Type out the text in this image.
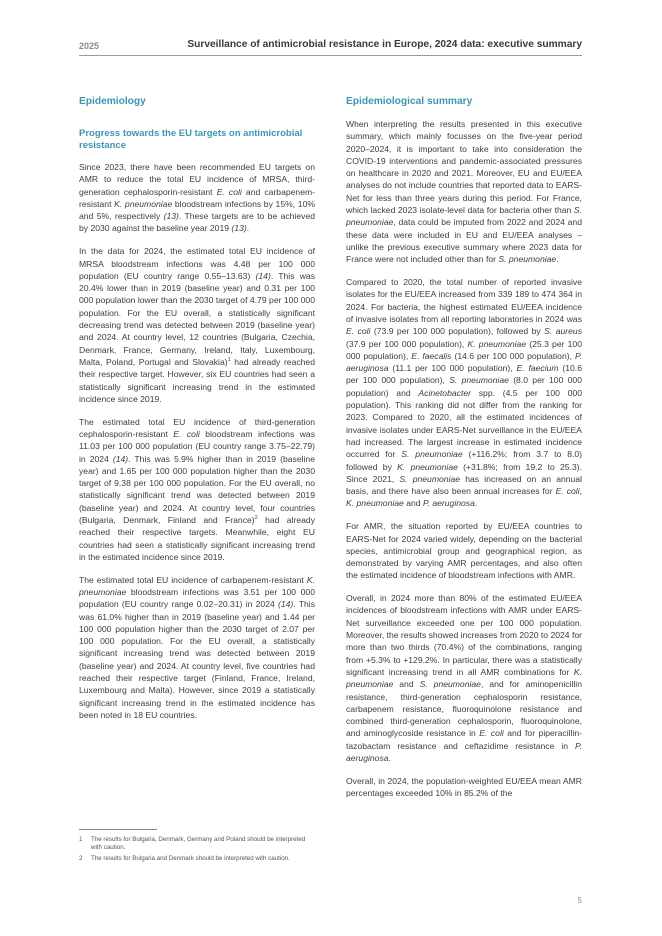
2025	Surveillance of antimicrobial resistance in Europe, 2024 data: executive summary
Epidemiology
Progress towards the EU targets on antimicrobial resistance

Since 2023, there have been recommended EU targets on AMR to reduce the total EU incidence of MRSA, third-generation cephalosporin-resistant E. coli and carbapenem-resistant K. pneumoniae bloodstream infections by 15%, 10% and 5%, respectively (13). These targets are to be achieved by 2030 against the baseline year 2019 (13).

In the data for 2024, the estimated total EU incidence of MRSA bloodstream infections was 4.48 per 100 000 population (EU country range 0.55–13.63) (14). This was 20.4% lower than in 2019 (baseline year) and 0.31 per 100 000 population lower than the 2030 target of 4.79 per 100 000 population. For the EU overall, a statistically significant decreasing trend was detected between 2019 (baseline year) and 2024. At country level, 12 countries (Bulgaria, Czechia, Denmark, France, Germany, Ireland, Italy, Luxembourg, Malta, Poland, Portugal and Slovakia)$^1$ had already reached their respective target. However, six EU countries had seen a statistically significant increasing trend in the estimated incidence since 2019.

The estimated total EU incidence of third-generation cephalosporin-resistant E. coli bloodstream infections was 11.03 per 100 000 population (EU country range 3.75–22.79) in 2024 (14). This was 5.9% higher than in 2019 (baseline year) and 1.65 per 100 000 population higher than the 2030 target of 9.38 per 100 000 population. For the EU overall, no statistically significant trend was detected between 2019 (baseline year) and 2024. At country level, four countries (Bulgaria, Denmark, Finland and France)$^2$ had already reached their respective targets. Meanwhile, eight EU countries had seen a statistically significant increasing trend in the estimated incidence since 2019.

The estimated total EU incidence of carbapenem-resistant K. pneumoniae bloodstream infections was 3.51 per 100 000 population (EU country range 0.02–20.31) in 2024 (14). This was 61.0% higher than in 2019 (baseline year) and 1.44 per 100 000 population higher than the 2030 target of 2.07 per 100 000 population. For the EU overall, a statistically significant increasing trend was detected between 2019 (baseline year) and 2024. At country level, five countries had reached their respective target (Finland, France, Ireland, Luxembourg and Malta). However, since 2019 a statistically significant increasing trend in the estimated incidence has been noted in 18 EU countries.

Epidemiological summary

When interpreting the results presented in this executive summary, which mainly focusses on the five-year period 2020–2024, it is important to take into consideration the COVID-19 interventions and pandemic-associated pressures on healthcare in 2020 and 2021. Moreover, EU and EU/EEA analyses do not include countries that reported data to EARS-Net for less than three years during this period. For France, which lacked 2023 isolate-level data for bacteria other than S. pneumoniae, data could be imputed from 2022 and 2024 and these data were included in EU and EU/EEA analyses – unlike the previous executive summary where 2023 data for France were not included other than for S. pneumoniae.

Compared to 2020, the total number of reported invasive isolates for the EU/EEA increased from 339 189 to 474 364 in 2024. For bacteria, the highest estimated EU/EEA incidence of invasive isolates from all reporting laboratories in 2024 was E. coli (73.9 per 100 000 population), followed by S. aureus (37.9 per 100 000 population), K. pneumoniae (25.3 per 100 000 population), E. faecalis (14.6 per 100 000 population), P. aeruginosa (11.1 per 100 000 population), E. faecium (10.6 per 100 000 population), S. pneumoniae (8.0 per 100 000 population) and Acinetobacter spp. (4.5 per 100 000 population). This ranking did not differ from the ranking for 2023. Compared to 2020, all the estimated incidences of invasive isolates under EARS-Net surveillance in the EU/EEA had increased. The largest increase in estimated incidence occurred for S. pneumoniae (+116.2%; from 3.7 to 8.0) followed by K. pneumoniae (+31.8%; from 19.2 to 25.3). Since 2021, S. pneumoniae has increased on an annual basis, and there have also been annual increases for E. coli, K. pneumoniae and P. aeruginosa.

For AMR, the situation reported by EU/EEA countries to EARS-Net for 2024 varied widely, depending on the bacterial species, antimicrobial group and geographical region, as demonstrated by varying AMR percentages, and also often the estimated incidence of bloodstream infections with AMR.

Overall, in 2024 more than 80% of the estimated EU/EEA incidences of bloodstream infections with AMR under EARS-Net surveillance exceeded one per 100 000 population. Moreover, the results showed increases from 2020 to 2024 for more than two thirds (70.4%) of the combinations, ranging from +5.3% to +129.2%. In particular, there was a statistically significant increasing trend in all AMR combinations for K. pneumoniae and S. pneumoniae, and for aminopenicillin resistance, third-generation cephalosporin resistance, carbapenem resistance, fluoroquinolone resistance and combined third-generation cephalosporin, fluoroquinolone, and aminoglycoside resistance in E. coli and for piperacillin-tazobactam resistance and ceftazidime resistance in P. aeruginosa.

Overall, in 2024, the population-weighted EU/EEA mean AMR percentages exceeded 10% in 85.2% of the

1	The results for Bulgaria, Denmark, Germany and Poland should be interpreted with caution.
2	The results for Bulgaria and Denmark should be interpreted with caution.
5
